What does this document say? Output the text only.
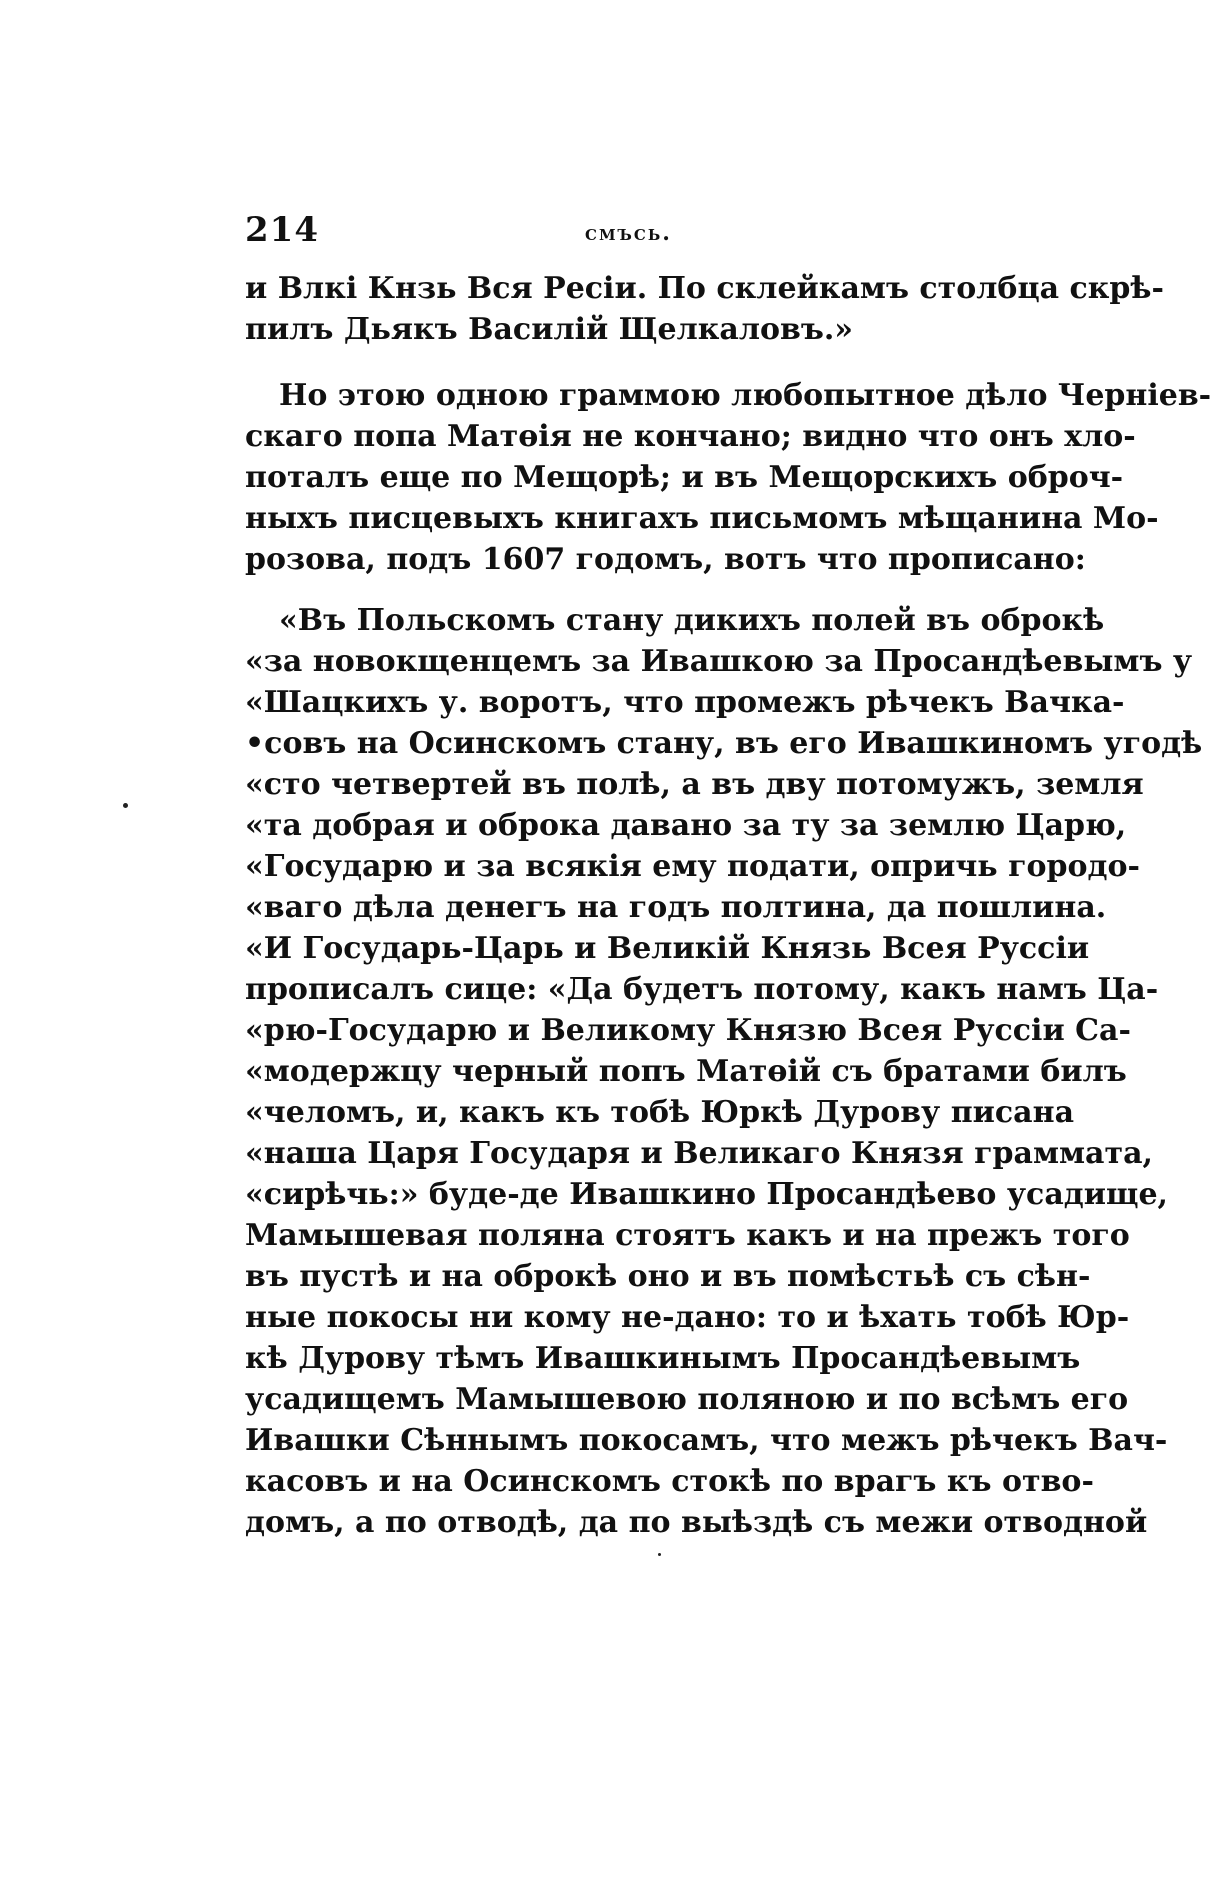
214	смъсь.
и Влкі Кнзь Вся Ресіи. По склейкамъ столбца скрѣ-
пилъ Дьякъ Василій Щелкаловъ.»
Но этою одною граммою любопытное дѣло Черніев-
скаго попа Матөія не кончано; видно что онъ хло-
поталъ еще по Мещорѣ; и въ Мещорскихъ оброч-
ныхъ писцевыхъ книгахъ письмомъ мѣщанина Мо-
розова, подъ 1607 годомъ, вотъ что прописано:
«Въ Польскомъ стану дикихъ полей въ оброкѣ
«за новокщенцемъ за Ивашкою за Просандѣевымъ у
«Шацкихъ у. воротъ, что промежъ рѣчекъ Вачка-
•совъ на Осинскомъ стану, въ его Ивашкиномъ угодѣ
«сто четвертей въ полѣ, а въ дву потомужъ, земля
«та добрая и оброка давано за ту за землю Царю,
«Государю и за всякія ему подати, опричь городо-
«ваго дѣла денегъ на годъ полтина, да пошлина.
«И Государь-Царь и Великій Князь Всея Руссіи
прописалъ сице: «Да будетъ потому, какъ намъ Ца-
«рю-Государю и Великому Князю Всея Руссіи Са-
«модержцу черный попъ Матөій съ братами билъ
«челомъ, и, какъ къ тобѣ Юркѣ Дурову писана
«наша Царя Государя и Великаго Князя граммата,
«сирѣчь:» буде-де Ивашкино Просандѣево усадище,
Мамышевая поляна стоятъ какъ и на прежъ того
въ пустѣ и на оброкѣ оно и въ помѣстьѣ съ сѣн-
ные покосы ни кому не-дано: то и ѣхать тобѣ Юр-
кѣ Дурову тѣмъ Ивашкинымъ Просандѣевымъ
усадищемъ Мамышевою поляною и по всѣмъ его
Ивашки Сѣннымъ покосамъ, что межъ рѣчекъ Вач-
касовъ и на Осинскомъ стокѣ по врагъ къ отво-
домъ, а по отводѣ, да по выѣздѣ съ межи отводной
